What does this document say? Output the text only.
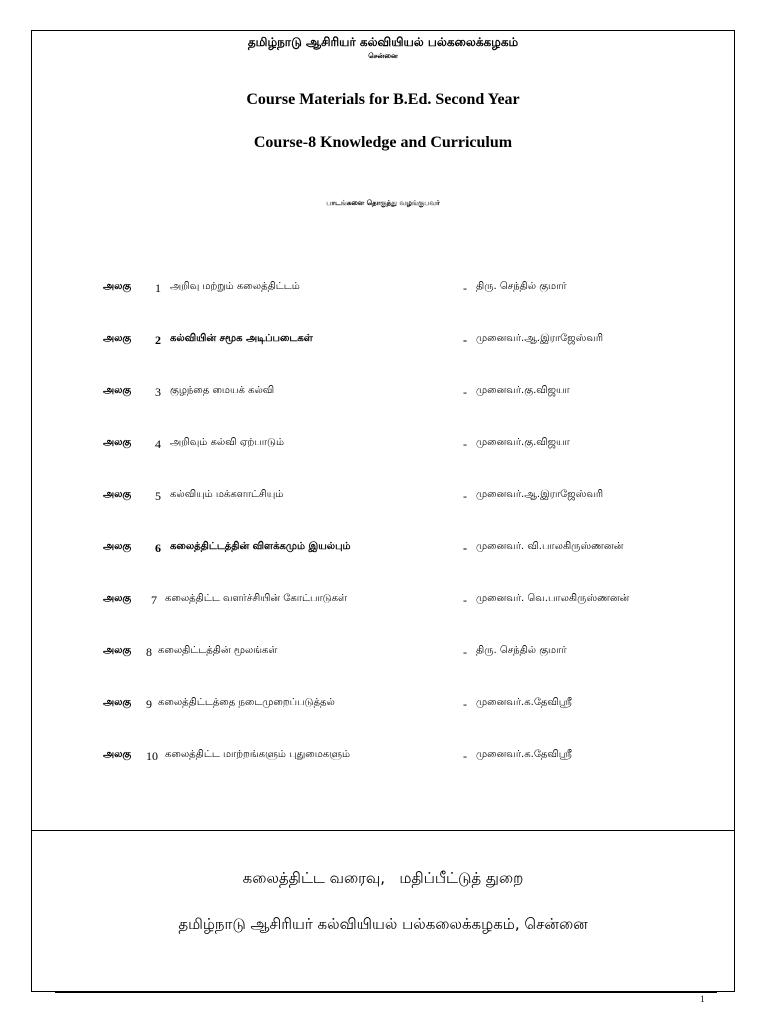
தமிழ்நாடு ஆசிரியர் கல்வியியல் பல்கலைக்கழகம்
சென்னை
Course Materials for B.Ed. Second Year
Course-8 Knowledge and Curriculum
பாடங்களை தொகுத்து வழங்குபவர்
அலகு 1 அறிவு மற்றும் கலைத்திட்டம்	- திரு. செந்தில் குமார்
அலகு 2 கல்வியின் சமூக அடிப்படைகள்	- முனைவர்.ஆ.இராஜேஸ்வரி
அலகு 3 குழந்தை மையக் கல்வி	- முனைவர்.கு.விஜயா
அலகு 4 அறிவும் கல்வி ஏற்பாடும்	- முனைவர்.கு.விஜயா
அலகு 5 கல்வியும் மக்களாட்சியும்	- முனைவர்.ஆ.இராஜேஸ்வரி
அலகு 6 கலைத்திட்டத்தின் விளக்கமும் இயல்பும்	- முனைவர். வி.பாலகிருஸ்ணனன்
அலகு 7 கலைத்திட்ட வளர்ச்சியின் கோட்பாடுகள்	- முனைவர். வெ.பாலகிருஸ்ணனன்
அலகு 8 கலைதிட்டத்தின் மூலங்கள்	- திரு. செந்தில் குமார்
அலகு 9 கலைத்திட்டத்தை நடைமுறைப்படுத்தல்	- முனைவர்.க.தேவிஸ்ரீ
அலகு 10 கலைத்திட்ட மாற்றங்களும் புதுமைகளும்	- முனைவர்.க.தேவிஸ்ரீ
கலைத்திட்ட வரைவு,   மதிப்பீட்டுத் துறை
தமிழ்நாடு ஆசிரியர் கல்வியியல் பல்கலைக்கழகம், சென்னை
1
